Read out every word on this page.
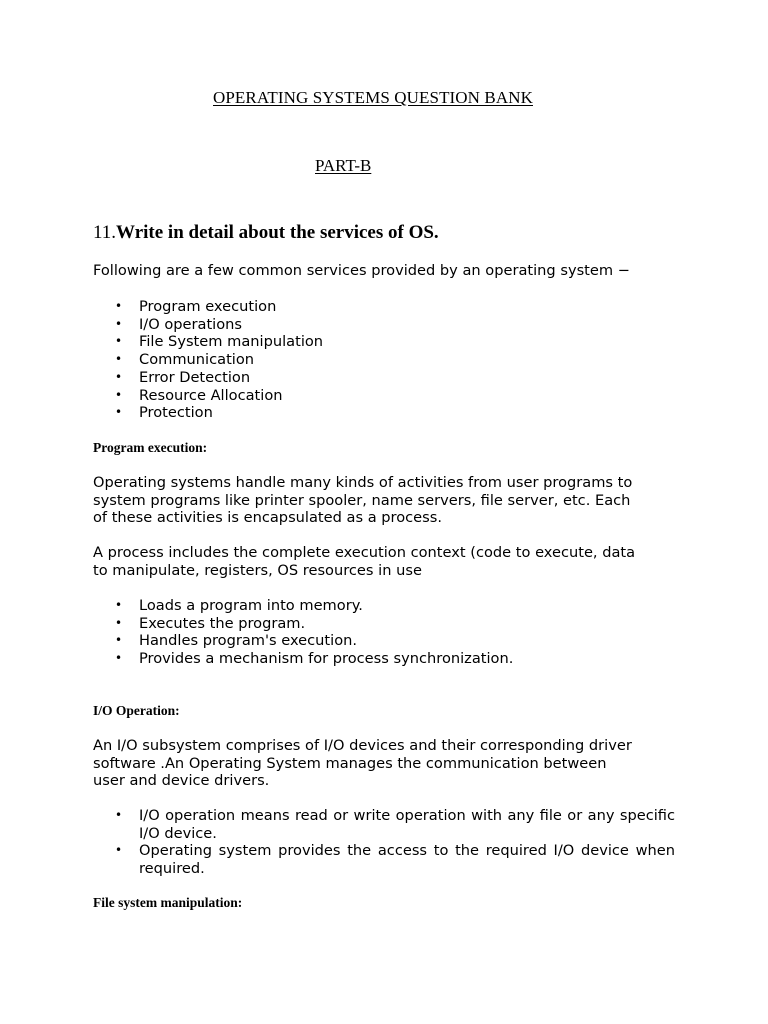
OPERATING SYSTEMS QUESTION BANK
PART-B
11.Write in detail about the services of OS.

Following are a few common services provided by an operating system −

• Program execution
• I/O operations
• File System manipulation
• Communication
• Error Detection
• Resource Allocation
• Protection
Program execution:
Operating systems handle many kinds of activities from user programs to
system programs like printer spooler, name servers, file server, etc. Each
of these activities is encapsulated as a process.
A process includes the complete execution context (code to execute, data
to manipulate, registers, OS resources in use
• Loads a program into memory.
• Executes the program.
• Handles program's execution.
• Provides a mechanism for process synchronization.
I/O Operation:
An I/O subsystem comprises of I/O devices and their corresponding driver
software .An Operating System manages the communication between
user and device drivers.
• I/O operation means read or write operation with any file or any specific I/O device.
• Operating system provides the access to the required I/O device when required.
File system manipulation:
